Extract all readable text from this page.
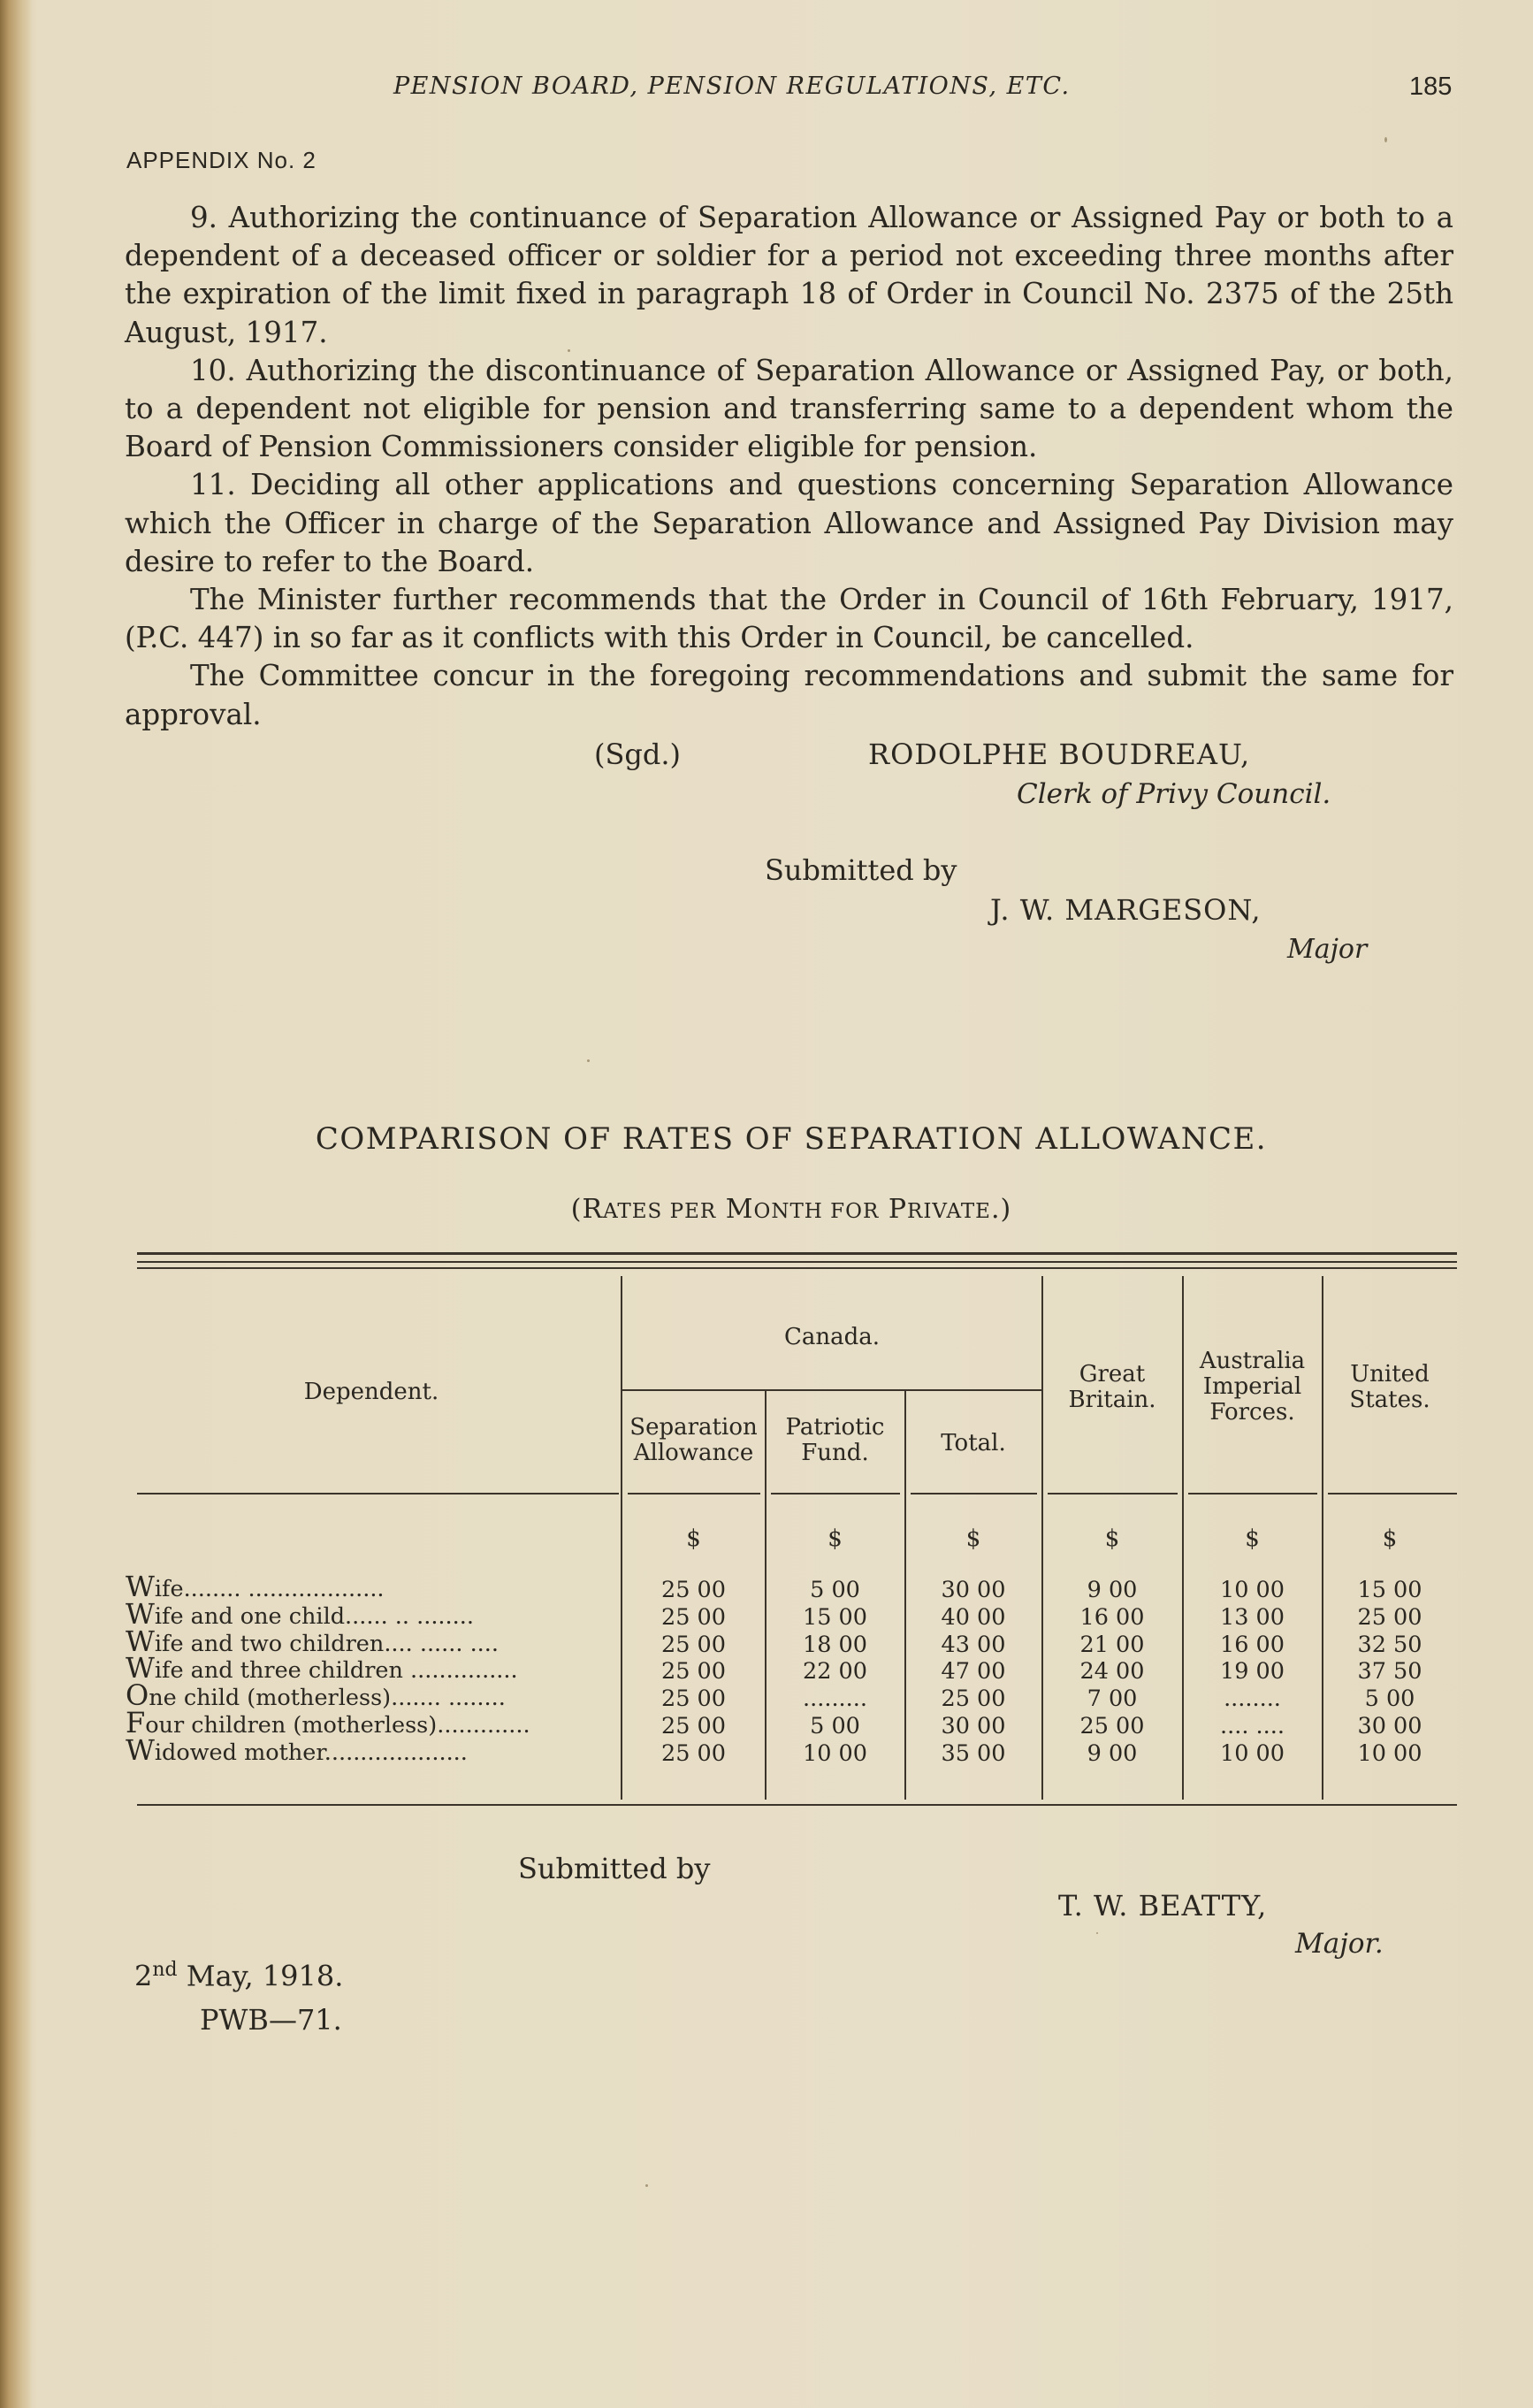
PENSION BOARD, PENSION REGULATIONS, ETC.	185
APPENDIX No. 2

9. Authorizing the continuance of Separation Allowance or Assigned Pay or both to a dependent of a deceased officer or soldier for a period not exceeding three months after the expiration of the limit fixed in paragraph 18 of Order in Council No. 2375 of the 25th August, 1917.

10. Authorizing the discontinuance of Separation Allowance or Assigned Pay, or both, to a dependent not eligible for pension and transferring same to a dependent whom the Board of Pension Commissioners consider eligible for pension.

11. Deciding all other applications and questions concerning Separation Allowance which the Officer in charge of the Separation Allowance and Assigned Pay Division may desire to refer to the Board.

The Minister further recommends that the Order in Council of 16th February, 1917, (P.C. 447) in so far as it conflicts with this Order in Council, be cancelled.

The Committee concur in the foregoing recommendations and submit the same for approval.

(Sgd.)	RODOLPHE BOUDREAU,
Clerk of Privy Council.
Submitted by
J. W. MARGESON,
Major
COMPARISON OF RATES OF SEPARATION ALLOWANCE.
(RATES PER MONTH FOR PRIVATE.)
Dependent.
Canada.
Separation
Allowance
Patriotic
Fund.	Total.
Great
Britain.
Australia
Imperial
Forces.
United
States.
$	$	$	$	$	$
Wife........ ...................	25 00	5 00	30 00	9 00	10 00	15 00
Wife and one child...... .. ........	25 00	15 00	40 00	16 00	13 00	25 00
Wife and two children.... ...... ....	25 00	18 00	43 00	21 00	16 00	32 50
Wife and three children ...............	25 00	22 00	47 00	24 00	19 00	37 50
One child (motherless)....... ........	25 00	.........	25 00	7 00	........	5 00
Four children (motherless).............	25 00	5 00	30 00	25 00	.... ....	30 00
Widowed mother....................	25 00	10 00	35 00	9 00	10 00	10 00
Submitted by
T. W. BEATTY,
Major.
2nd May, 1918.
PWB—71.
